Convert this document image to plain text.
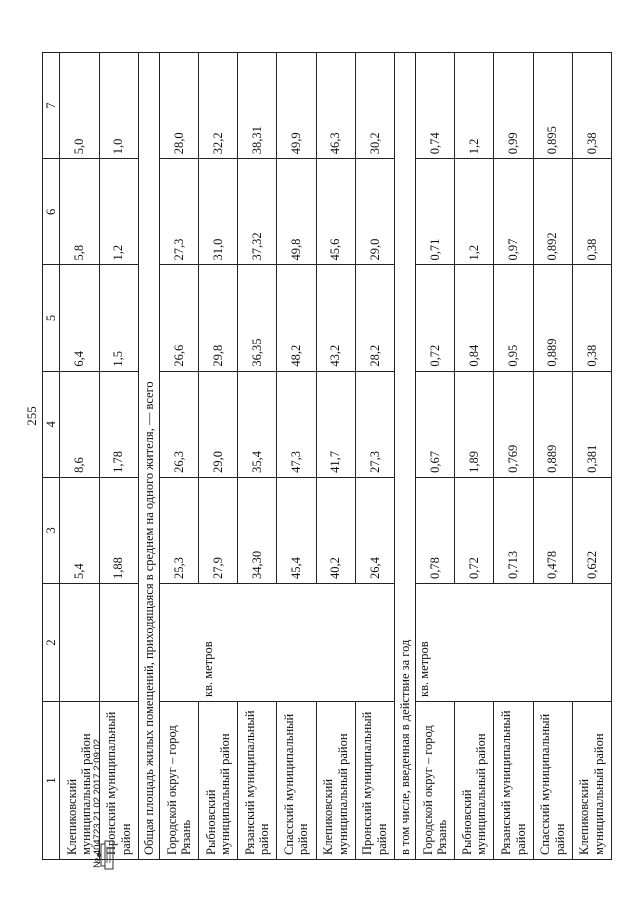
255
1	2	3	4	5	6	7
Клепиковский муниципальный район		5,4	8,6	6,4	5,8	5,0
Пронский муниципальный район		1,88	1,78	1,5	1,2	1,0
Общая площадь жилых помещений, приходящаяся в среднем на одного жителя, — всего						
Городской округ – город Рязань	кв. метров	25,3	26,3	26,6	27,3	28,0
Рыбновский муниципальный район		27,9	29,0	29,8	31,0	32,2
Рязанский муниципальный район		34,30	35,4	36,35	37,32	38,31
Спасский муниципальный район		45,4	47,3	48,2	49,8	49,9
Клепиковский муниципальный район		40,2	41,7	43,2	45,6	46,3
Пронский муниципальный район		26,4	27,3	28,2	29,0	30,2
в том числе, введенная в действие за год						
Городской округ – город Рязань	кв. метров	0,78	0,67	0,72	0,71	0,74
Рыбновский муниципальный район		0,72	1,89	0,84	1,2	1,2
Рязанский муниципальный район		0,713	0,769	0,95	0,97	0,99
Спасский муниципальный район		0,478	0,889	0,889	0,892	0,895
Клепиковский муниципальный район		0,622	0,381	0,38	0,38	0,38
№ 404723 21.02.2017 2:09:02
